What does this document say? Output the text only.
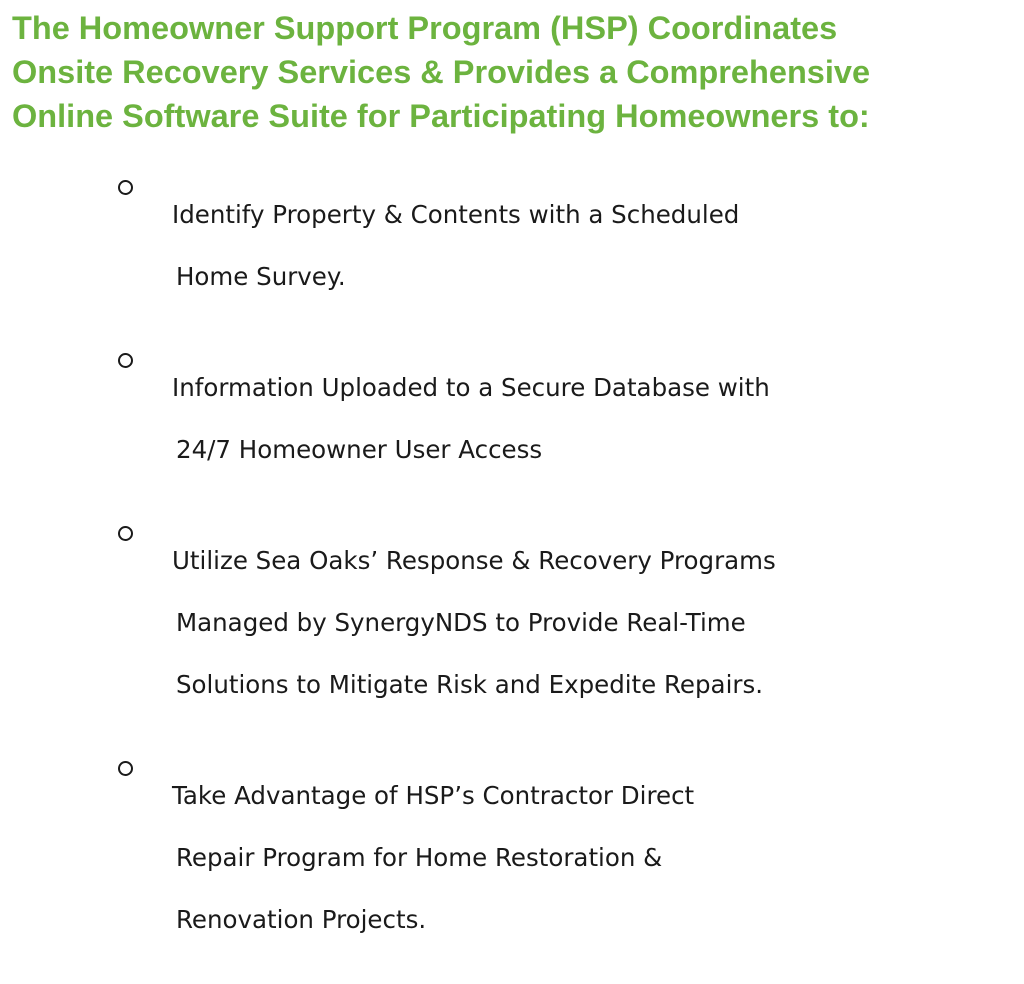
The Homeowner Support Program (HSP) Coordinates
Onsite Recovery Services & Provides a Comprehensive
Online Software Suite for Participating Homeowners to:

Identify Property & Contents with a Scheduled

Home Survey.

Information Uploaded to a Secure Database with

24/7 Homeowner User Access

Utilize Sea Oaks’ Response & Recovery Programs

Managed by SynergyNDS to Provide Real-Time

Solutions to Mitigate Risk and Expedite Repairs.

Take Advantage of HSP’s Contractor Direct

Repair Program for Home Restoration &

Renovation Projects.
